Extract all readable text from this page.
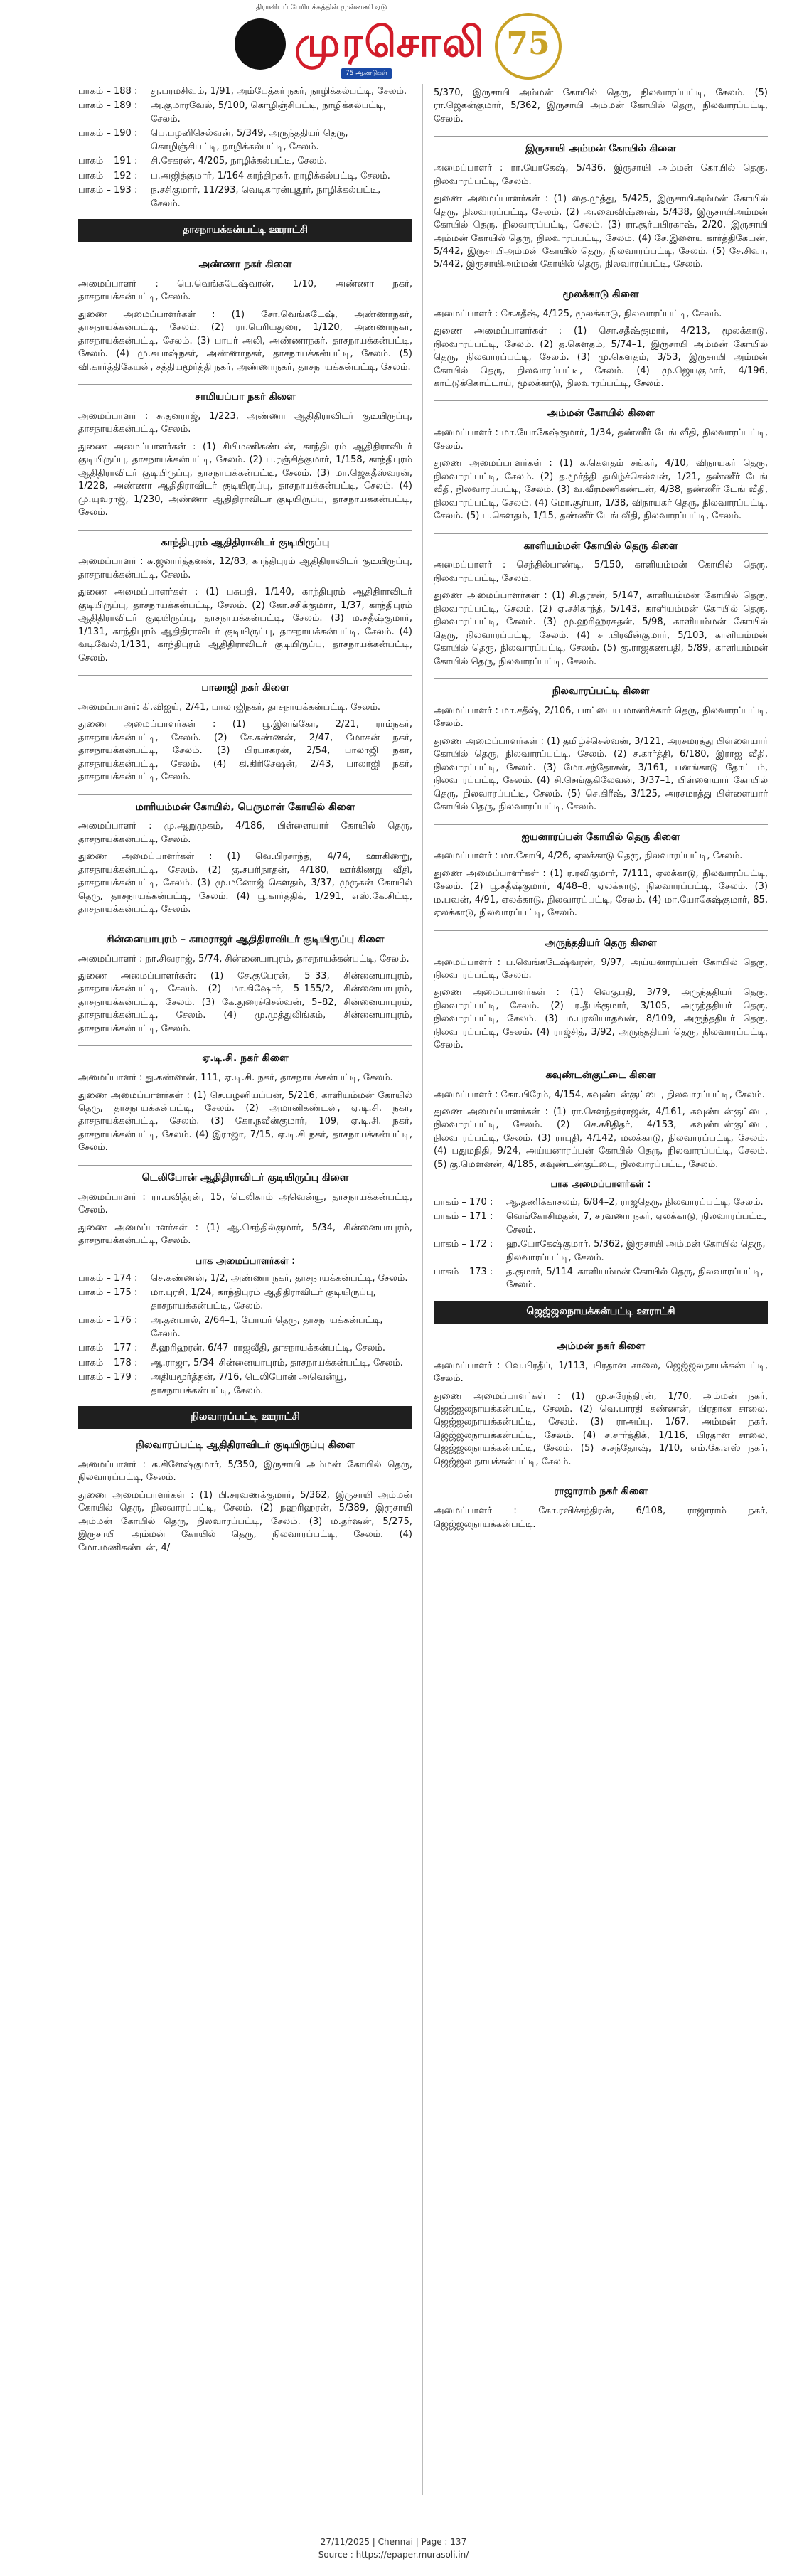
திராவிடப் பேரியக்கத்தின் முன்னணி ஏடு
முரசொலி
75 ஆண்டுகள்
75
பாகம் – 188 :	து.பரமசிவம், 1/91, அம்பேத்கர் நகர், நாழிக்கல்பட்டி, சேலம்.
பாகம் – 189 :	அ.குமாரவேல், 5/100, கொழிஞ்சிபட்டி, நாழிக்கல்பட்டி, சேலம்.
பாகம் – 190 :	பெ.பழனிசெல்வன், 5/349, அருந்ததியர் தெரு, கொழிஞ்சிபட்டி, நாழிக்கல்பட்டி, சேலம்.
பாகம் – 191 :	சி.சேகரன், 4/205, நாழிக்கல்பட்டி, சேலம்.
பாகம் – 192 :	ப.அஜித்குமார், 1/164 காந்திநகர், நாழிக்கல்பட்டி, சேலம்.
பாகம் – 193 :	ந.சசிகுமார், 11/293, வெடிகாரன்புதூர், நாழிக்கல்பட்டி, சேலம்.
தாசநாயக்கன்பட்டி ஊராட்சி
அண்ணா நகர் கிளை

அமைப்பாளர் : பெ.வெங்கடேஷ்வரன், 1/10, அண்ணா நகர், தாசநாயக்கன்பட்டி, சேலம்.

துணை அமைப்பாளர்கள் : (1) சோ.வெங்கடேஷ், அண்ணாநகர், தாசநாயக்கன்பட்டி, சேலம். (2) ரா.பெரியதுரை, 1/120, அண்ணாநகர், தாசநாயக்கன்பட்டி, சேலம். (3) பாபர் அலி, அண்ணாநகர், தாசநாயக்கன்பட்டி, சேலம். (4) மு.சுபாஷ்நகர், அண்ணாநகர், தாசநாயக்கன்பட்டி, சேலம். (5) வி.கார்த்திகேயன், சத்தியமூர்த்தி நகர், அண்ணாநகர், தாசநாயக்கன்பட்டி, சேலம்.

சாமியப்பா நகர் கிளை

அமைப்பாளர் : சு.தனராஜ், 1/223, அண்ணா ஆதிதிராவிடர் குடியிருப்பு, தாசநாயக்கன்பட்டி, சேலம்.

துணை அமைப்பாளர்கள் : (1) சிபிமணிகண்டன், காந்திபுரம் ஆதிதிராவிடர் குடியிருப்பு, தாசநாயக்கன்பட்டி, சேலம். (2) ப.ரஞ்சித்குமார், 1/158, காந்திபுரம் ஆதிதிராவிடர் குடியிருப்பு, தாசநாயக்கன்பட்டி, சேலம். (3) மா.ஜெகதீஸ்வரன், 1/228, அண்ணா ஆதிதிராவிடர் குடியிருப்பு, தாசநாயக்கன்பட்டி, சேலம். (4) மு.யுவராஜ், 1/230, அண்ணா ஆதிதிராவிடர் குடியிருப்பு, தாசநாயக்கன்பட்டி, சேலம்.

காந்திபுரம் ஆதிதிராவிடர் குடியிருப்பு

அமைப்பாளர் : சு.ஜனார்த்தனன், 12/83, காந்திபுரம் ஆதிதிராவிடர் குடியிருப்பு, தாசநாயக்கன்பட்டி, சேலம்.

துணை அமைப்பாளர்கள் : (1) பசுபதி, 1/140, காந்திபுரம் ஆதிதிராவிடர் குடியிருப்பு, தாசநாயக்கன்பட்டி, சேலம். (2) கோ.சசிக்குமார், 1/37, காந்திபுரம் ஆதிதிராவிடர் குடியிருப்பு, தாசநாயக்கன்பட்டி, சேலம். (3) ம.சதீஷ்குமார், 1/131, காந்திபுரம் ஆதிதிராவிடர் குடியிருப்பு, தாசநாயக்கன்பட்டி, சேலம். (4) வடிவேல்,1/131, காந்திபுரம் ஆதிதிராவிடர் குடியிருப்பு, தாசநாயக்கன்பட்டி, சேலம்.

பாலாஜி நகர் கிளை

அமைப்பாளர்: கி.விஜய், 2/41, பாலாஜிநகர், தாசநாயக்கன்பட்டி, சேலம்.

துணை அமைப்பாளர்கள் : (1) பூ.இளங்கோ, 2/21, ராம்நகர், தாசநாயக்கன்பட்டி, சேலம். (2) சே.கண்ணன், 2/47, மோகன் நகர், தாசநாயக்கன்பட்டி, சேலம். (3) பிரபாகரன், 2/54, பாலாஜி நகர், தாசநாயக்கன்பட்டி, சேலம். (4) கி.கிரிசேஷன், 2/43, பாலாஜி நகர், தாசநாயக்கன்பட்டி, சேலம்.

மாரியம்மன் கோயில், பெருமாள் கோயில் கிளை

அமைப்பாளர் : மு.ஆறுமுகம், 4/186, பிள்ளையார் கோயில் தெரு, தாசநாயக்கன்பட்டி, சேலம்.

துணை அமைப்பாளர்கள் : (1) வெ.பிரசாந்த், 4/74, ஊர்கிணறு, தாசநாயக்கன்பட்டி, சேலம். (2) கு.சபரிநாதன், 4/180, ஊர்கிணறு வீதி, தாசநாயக்கன்பட்டி, சேலம். (3) மு.மனோஜ் கௌதம், 3/37, முருகன் கோயில் தெரு, தாசநாயக்கன்பட்டி, சேலம். (4) பூ.கார்த்திக், 1/291, எஸ்.கே.சிட்டி, தாசநாயக்கன்பட்டி, சேலம்.

சின்னையாபுரம் – காமராஜர் ஆதிதிராவிடர் குடியிருப்பு கிளை

அமைப்பாளர் : நா.சிவராஜ், 5/74, சின்னையாபுரம், தாசநாயக்கன்பட்டி, சேலம்.

துணை அமைப்பாளர்கள்: (1) சே.குபேரன், 5–33, சின்னையாபுரம், தாசநாயக்கன்பட்டி, சேலம். (2) மா.கிஷோர், 5–155/2, சின்னையாபுரம், தாசநாயக்கன்பட்டி, சேலம். (3) கே.துரைச்செல்வன், 5–82, சின்னையாபுரம், தாசநாயக்கன்பட்டி, சேலம். (4) மு.முத்துலிங்கம், சின்னையாபுரம், தாசநாயக்கன்பட்டி, சேலம்.

ஏ.டி.சி. நகர் கிளை

அமைப்பாளர் : து.கண்ணன், 111, ஏ.டி.சி. நகர், தாசநாயக்கன்பட்டி, சேலம்.

துணை அமைப்பாளர்கள் : (1) செ.பழனியப்பன், 5/216, காளியம்மன் கோயில் தெரு, தாசநாயக்கன்பட்டி, சேலம். (2) அமானிகண்டன், ஏ.டி.சி. நகர், தாசநாயக்கன்பட்டி, சேலம். (3) கோ.நவீன்குமார், 109, ஏ.டி.சி. நகர், தாசநாயக்கன்பட்டி, சேலம். (4) இராஜா, 7/15, ஏ.டி.சி நகர், தாசநாயக்கன்பட்டி, சேலம்.

டெலிபோன் ஆதிதிராவிடர் குடியிருப்பு கிளை

அமைப்பாளர் : ரா.பவித்ரன், 15, டெலிகாம் அவென்யூ, தாசநாயக்கன்பட்டி, சேலம்.

துணை அமைப்பாளர்கள் : (1) ஆ.செந்தில்குமார், 5/34, சின்னையாபுரம், தாசநாயக்கன்பட்டி, சேலம்.

பாக அமைப்பாளர்கள் :
பாகம் – 174 :	செ.கண்ணன், 1/2, அண்ணா நகர், தாசநாயக்கன்பட்டி, சேலம்.
பாகம் – 175 :	மா.புரசி, 1/24, காந்திபுரம் ஆதிதிராவிடர் குடியிருப்பு, தாசநாயக்கன்பட்டி, சேலம்.
பாகம் – 176 :	அ.தனபால், 2/64–1, போயர் தெரு, தாசநாயக்கன்பட்டி, சேலம்.
பாகம் – 177 :	சீ.ஹரிஹரன், 6/47–ராஜவீதி, தாசநாயக்கன்பட்டி, சேலம்.
பாகம் – 178 :	ஆ.ராஜா, 5/34–சின்னையாபுரம், தாசநாயக்கன்பட்டி, சேலம்.
பாகம் – 179 :	அதியமூர்த்தன், 7/16, டெலிபோன் அவென்யூ, தாசநாயக்கன்பட்டி, சேலம்.
நிலவாரப்பட்டி ஊராட்சி
நிலவாரப்பட்டி ஆதிதிராவிடர் குடியிருப்பு கிளை

அமைப்பாளர் : க.கிளேஷ்குமார், 5/350, இருசாயி அம்மன் கோயில் தெரு, நிலவாரப்பட்டி, சேலம்.

துணை அமைப்பாளர்கள் : (1) பி.சரவணக்குமார், 5/362, இருசாயி அம்மன் கோயில் தெரு, நிலவாரப்பட்டி, சேலம். (2) நஹரிஹரன், 5/389, இருசாயி அம்மன் கோயில் தெரு, நிலவாரப்பட்டி, சேலம். (3) ம.தர்ஷன், 5/275, இருசாயி அம்மன் கோயில் தெரு, நிலவாரப்பட்டி, சேலம். (4) மோ.மணிகண்டன், 4/

5/370, இருசாயி அம்மன் கோயில் தெரு, நிலவாரப்பட்டி, சேலம். (5) ரா.ஜெகன்குமார், 5/362, இருசாயி அம்மன் கோயில் தெரு, நிலவாரப்பட்டி, சேலம்.

இருசாயி அம்மன் கோயில் கிளை

அமைப்பாளர் : ரா.யோகேஷ், 5/436, இருசாயி அம்மன் கோயில் தெரு, நிலவாரப்பட்டி, சேலம்.

துணை அமைப்பாளர்கள் : (1) தை.முத்து, 5/425, இருசாயிஅம்மன் கோயில் தெரு, நிலவாரப்பட்டி, சேலம். (2) அ.வைவிஷ்ணவ், 5/438, இருசாயிஅம்மன் கோயில் தெரு, நிலவாரப்பட்டி, சேலம். (3) ரா.சூர்யபிரகாஷ், 2/20, இருசாயி அம்மன் கோயில் தெரு, நிலவாரப்பட்டி, சேலம். (4) சே.இளைய கார்த்திகேயன், 5/442, இருசாயிஅம்மன் கோயில் தெரு, நிலவாரப்பட்டி, சேலம். (5) சே.சிவா, 5/442, இருசாயிஅம்மன் கோயில் தெரு, நிலவாரப்பட்டி, சேலம்.

மூலக்காடு கிளை

அமைப்பாளர் : சே.சதீஷ், 4/125, மூலக்காடு, நிலவாரப்பட்டி, சேலம்.

துணை அமைப்பாளர்கள் : (1) சொ.சதீஷ்குமார், 4/213, மூலக்காடு, நிலவாரப்பட்டி, சேலம். (2) த.கௌதம், 5/74–1, இருசாயி அம்மன் கோயில் தெரு, நிலவாரப்பட்டி, சேலம். (3) மு.கௌதம், 3/53, இருசாயி அம்மன் கோயில் தெரு, நிலவாரப்பட்டி, சேலம். (4) மு.ஜெயகுமார், 4/196, காட்டுக்கொட்டாய், மூலக்காடு, நிலவாரப்பட்டி, சேலம்.

அம்மன் கோயில் கிளை

அமைப்பாளர் : மா.யோகேஷ்குமார், 1/34, தண்ணீர் டேங் வீதி, நிலவாரப்பட்டி, சேலம்.

துணை அமைப்பாளர்கள் : (1) க.கௌதம் சங்கர், 4/10, விநாயகர் தெரு, நிலவாரப்பட்டி, சேலம். (2) த.மூர்த்தி தமிழ்ச்செல்வன், 1/21, தண்ணீர் டேங் வீதி, நிலவாரப்பட்டி, சேலம். (3) வ.வீரமணிகண்டன், 4/38, தண்ணீர் டேங் வீதி, நிலவாரப்பட்டி, சேலம். (4) மோ.சூர்யா, 1/38, விநாயகர் தெரு, நிலவாரப்பட்டி, சேலம். (5) ப.கௌதம், 1/15, தண்ணீர் டேங் வீதி, நிலவாரப்பட்டி, சேலம்.

காளியம்மன் கோயில் தெரு கிளை

அமைப்பாளர் : செந்தில்பாண்டி, 5/150, காளியம்மன் கோயில் தெரு, நிலவாரப்பட்டி, சேலம்.

துணை அமைப்பாளர்கள் : (1) சி.தரசன், 5/147, காளியம்மன் கோயில் தெரு, நிலவாரப்பட்டி, சேலம். (2) ஏ.சசிகாந்த், 5/143, காளியம்மன் கோயில் தெரு, நிலவாரப்பட்டி, சேலம். (3) மு.ஹரிஹரசுதன், 5/98, காளியம்மன் கோயில் தெரு, நிலவாரப்பட்டி, சேலம். (4) சா.பிரவீன்குமார், 5/103, காளியம்மன் கோயில் தெரு, நிலவாரப்பட்டி, சேலம். (5) கு.ராஜகணபதி, 5/89, காளியம்மன் கோயில் தெரு, நிலவாரப்பட்டி, சேலம்.

நிலவாரப்பட்டி கிளை

அமைப்பாளர் : மா.சதீஷ், 2/106, பாட்டைய மாணிக்கார் தெரு, நிலவாரப்பட்டி, சேலம்.

துணை அமைப்பாளர்கள் : (1) தமிழ்ச்செல்வன், 3/121, அரசமரத்து பிள்ளையார் கோயில் தெரு, நிலவாரப்பட்டி, சேலம். (2) ச.கார்த்தி, 6/180, இராஜ வீதி, நிலவாரப்பட்டி, சேலம். (3) மோ.சந்தோசன், 3/161, பனங்காடு தோட்டம், நிலவாரப்பட்டி, சேலம். (4) சி.செங்குகிலேவன், 3/37–1, பிள்ளையார் கோயில் தெரு, நிலவாரப்பட்டி, சேலம். (5) செ.கிரீஷ், 3/125, அரசமரத்து பிள்ளையார் கோயில் தெரு, நிலவாரப்பட்டி, சேலம்.

ஐயனாரப்பன் கோயில் தெரு கிளை

அமைப்பாளர் : மா.கோபி, 4/26, ஏலக்காடு தெரு, நிலவாரப்பட்டி, சேலம்.

துணை அமைப்பாளர்கள் : (1) ர.ரவிகுமார், 7/111, ஏலக்காடு, நிலவாரப்பட்டி, சேலம். (2) பூ.சதீஷ்குமார், 4/48–8, ஏலக்காடு, நிலவாரப்பட்டி, சேலம். (3) ம.பவன், 4/91, ஏலக்காடு, நிலவாரப்பட்டி, சேலம். (4) மா.யோகேஷ்குமார், 85, ஏலக்காடு, நிலவாரப்பட்டி, சேலம்.

அருந்ததியர் தெரு கிளை

அமைப்பாளர் : ப.வெங்கடேஷ்வரன், 9/97, அய்யனாரப்பன் கோயில் தெரு, நிலவாரப்பட்டி, சேலம்.

துணை அமைப்பாளர்கள் : (1) வெகுபதி, 3/79, அருந்ததியர் தெரு, நிலவாரப்பட்டி, சேலம். (2) ர.தீபக்குமார், 3/105, அருந்ததியர் தெரு, நிலவாரப்பட்டி, சேலம். (3) ம.புரவியாதவன், 8/109, அருந்ததியர் தெரு, நிலவாரப்பட்டி, சேலம். (4) ராஜ்சித், 3/92, அருந்ததியர் தெரு, நிலவாரப்பட்டி, சேலம்.

கவுண்டன்குட்டை கிளை

அமைப்பாளர் : கோ.பிரேம், 4/154, கவுண்டன்குட்டை, நிலவாரப்பட்டி, சேலம்.

துணை அமைப்பாளர்கள் : (1) ரா.சௌந்தர்ராஜன், 4/161, கவுண்டன்குட்டை, நிலவாரப்பட்டி, சேலம். (2) செ.சசிதிதர், 4/153, கவுண்டன்குட்டை, நிலவாரப்பட்டி, சேலம். (3) ராபுதி, 4/142, மலக்காடு, நிலவாரப்பட்டி, சேலம். (4) பதுமநிதி, 9/24, அய்யனாரப்பன் கோயில் தெரு, நிலவாரப்பட்டி, சேலம். (5) கு.மௌனன், 4/185, கவுண்டன்குட்டை, நிலவாரப்பட்டி, சேலம்.

பாக அமைப்பாளர்கள் :
பாகம் – 170 :	ஆ.தணிக்காசலம், 6/84–2, ராஜதெரு, நிலவாரப்பட்டி, சேலம்.
பாகம் – 171 :	வெங்கோசிமதன், 7, சரவணா நகர், ஏலக்காடு, நிலவாரப்பட்டி, சேலம்.
பாகம் – 172 :	ஹ.யோகேஷ்குமார், 5/362, இருசாயி அம்மன் கோயில் தெரு, நிலவாரப்பட்டி, சேலம்.
பாகம் – 173 :	த.குமார், 5/114–காளியம்மன் கோயில் தெரு, நிலவாரப்பட்டி, சேலம்.
ஜெஜ்ஜலநாயக்கன்பட்டி ஊராட்சி
அம்மன் நகர் கிளை

அமைப்பாளர் : வெ.பிரதீப், 1/113, பிரதான சாலை, ஜெஜ்ஜலநாயக்கன்பட்டி, சேலம்.

துணை அமைப்பாளர்கள் : (1) மு.சுரேந்திரன், 1/70, அம்மன் நகர், ஜெஜ்ஜலநாயக்கன்பட்டி, சேலம். (2) வெ.பாரதி கண்ணன், பிரதான சாலை, ஜெஜ்ஜலநாயக்கன்பட்டி, சேலம். (3) ராஅப்பு, 1/67, அம்மன் நகர், ஜெஜ்ஜலநாயக்கன்பட்டி, சேலம். (4) ச.சார்த்திக், 1/116, பிரதான சாலை, ஜெஜ்ஜலநாயக்கன்பட்டி, சேலம். (5) ச.சந்தோஷ், 1/10, எம்.கே.எஸ் நகர், ஜெஜ்ஜல நாயக்கன்பட்டி, சேலம்.

ராஜாராம் நகர் கிளை

அமைப்பாளர் : கோ.ரவிச்சந்திரன், 6/108, ராஜாராம் நகர், ஜெஜ்ஜலநாயக்கன்பட்டி.

27/11/2025 | Chennai | Page : 137
Source : https://epaper.murasoli.in/
